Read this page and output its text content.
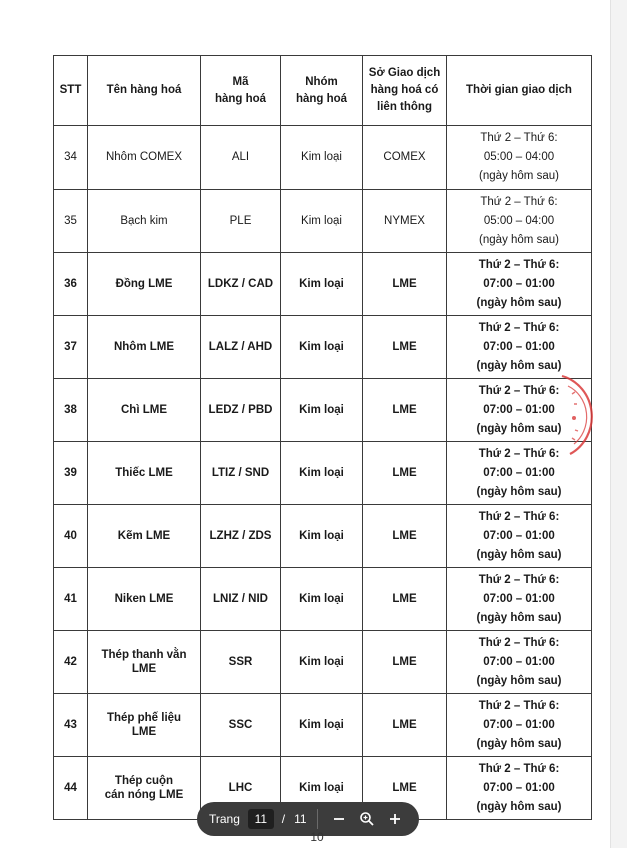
STT	Tên hàng hoá	Mã
hàng hoá	Nhóm
hàng hoá	Sở Giao dịch
hàng hoá có
liên thông	Thời gian giao dịch
34	Nhôm COMEX	ALI	Kim loại	COMEX	Thứ 2 – Thứ 6:
05:00 – 04:00
(ngày hôm sau)
35	Bạch kim	PLE	Kim loại	NYMEX	Thứ 2 – Thứ 6:
05:00 – 04:00
(ngày hôm sau)
36	Đồng LME	LDKZ / CAD	Kim loại	LME	Thứ 2 – Thứ 6:
07:00 – 01:00
(ngày hôm sau)
37	Nhôm LME	LALZ / AHD	Kim loại	LME	Thứ 2 – Thứ 6:
07:00 – 01:00
(ngày hôm sau)
38	Chì LME	LEDZ / PBD	Kim loại	LME	Thứ 2 – Thứ 6:
07:00 – 01:00
(ngày hôm sau)
39	Thiếc LME	LTIZ / SND	Kim loại	LME	Thứ 2 – Thứ 6:
07:00 – 01:00
(ngày hôm sau)
40	Kẽm LME	LZHZ / ZDS	Kim loại	LME	Thứ 2 – Thứ 6:
07:00 – 01:00
(ngày hôm sau)
41	Niken LME	LNIZ / NID	Kim loại	LME	Thứ 2 – Thứ 6:
07:00 – 01:00
(ngày hôm sau)
42	Thép thanh vằn
LME	SSR	Kim loại	LME	Thứ 2 – Thứ 6:
07:00 – 01:00
(ngày hôm sau)
43	Thép phế liệu
LME	SSC	Kim loại	LME	Thứ 2 – Thứ 6:
07:00 – 01:00
(ngày hôm sau)
44	Thép cuộn
cán nóng LME	LHC	Kim loại	LME	Thứ 2 – Thứ 6:
07:00 – 01:00
(ngày hôm sau)
Trang	11	/ 11
10
